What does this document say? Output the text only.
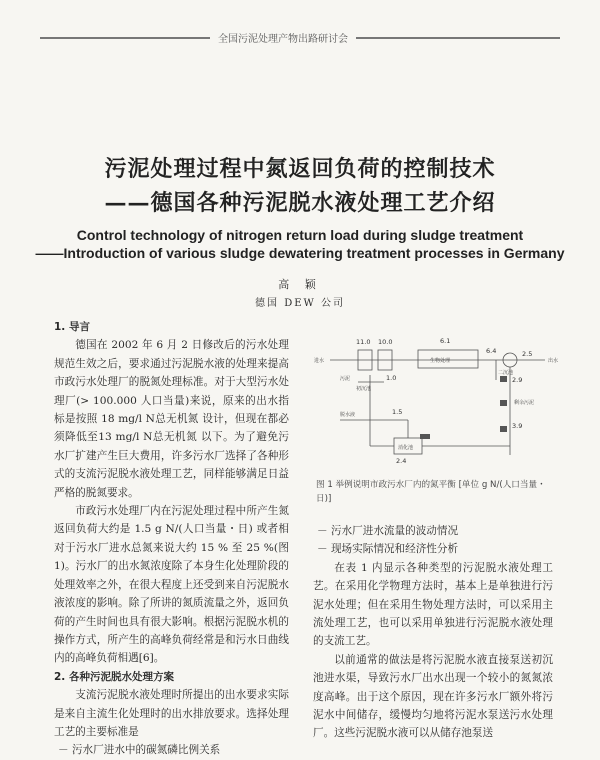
全国污泥处理产物出路研讨会
污泥处理过程中氮返回负荷的控制技术
——德国各种污泥脱水液处理工艺介绍
Control technology of nitrogen return load during sludge treatment
——Introduction of various sludge dewatering treatment processes in Germany
高 颖
德国 DEW 公司

1. 导言

德国在 2002 年 6 月 2 日修改后的污水处理规范生效之后，要求通过污泥脱水液的处理来提高市政污水处理厂的脱氮处理标准。对于大型污水处理厂(> 100.000 人口当量)来说，原来的出水指标是按照 18 mg/l N总无机氮 设计，但现在都必须降低至13 mg/l N总无机氮 以下。为了避免污水厂扩建产生巨大费用，许多污水厂选择了各种形式的支流污泥脱水液处理工艺，同样能够满足日益严格的脱氮要求。

市政污水处理厂内在污泥处理过程中所产生氮返回负荷大约是 1.5 g N/(人口当量・日) 或者相对于污水厂进水总氮来说大约 15 % 至 25 %(图1)。污水厂的出水氮浓度除了本身生化处理阶段的处理效率之外，在很大程度上还受到来自污泥脱水液浓度的影响。除了所讲的氮质流量之外，返回负荷的产生时间也具有很大影响。根据污泥脱水机的操作方式，所产生的高峰负荷经常是和污水日曲线内的高峰负荷相遇[6]。

2. 各种污泥脱水处理方案

支流污泥脱水液处理时所提出的出水要求实际是来自主流生化处理时的出水排放要求。选择处理工艺的主要标准是

－ 污水厂进水中的碳氮磷比例关系

11.0 10.0	6.1
6.4	2.5
2.9
1.0
1.5
3.9
2.4
进水
初沉池
生物处理
二沉池
出水
消化池
脱水液
剩余污泥
污泥
图 1 举例说明市政污水厂内的氮平衡 [单位 g N/(人口当量・日)]

－ 污水厂进水流量的波动情况

－ 现场实际情况和经济性分析

在表 1 内显示各种类型的污泥脱水液处理工艺。在采用化学物理方法时，基本上是单独进行污泥水处理；但在采用生物处理方法时，可以采用主流处理工艺，也可以采用单独进行污泥脱水液处理的支流工艺。

以前通常的做法是将污泥脱水液直接泵送初沉池进水渠，导致污水厂出水出现一个较小的氮氮浓度高峰。出于这个原因，现在许多污水厂额外将污泥水中间储存，缓慢均匀地将污泥水泵送污水处理厂。这些污泥脱水液可以从储存池泵送
